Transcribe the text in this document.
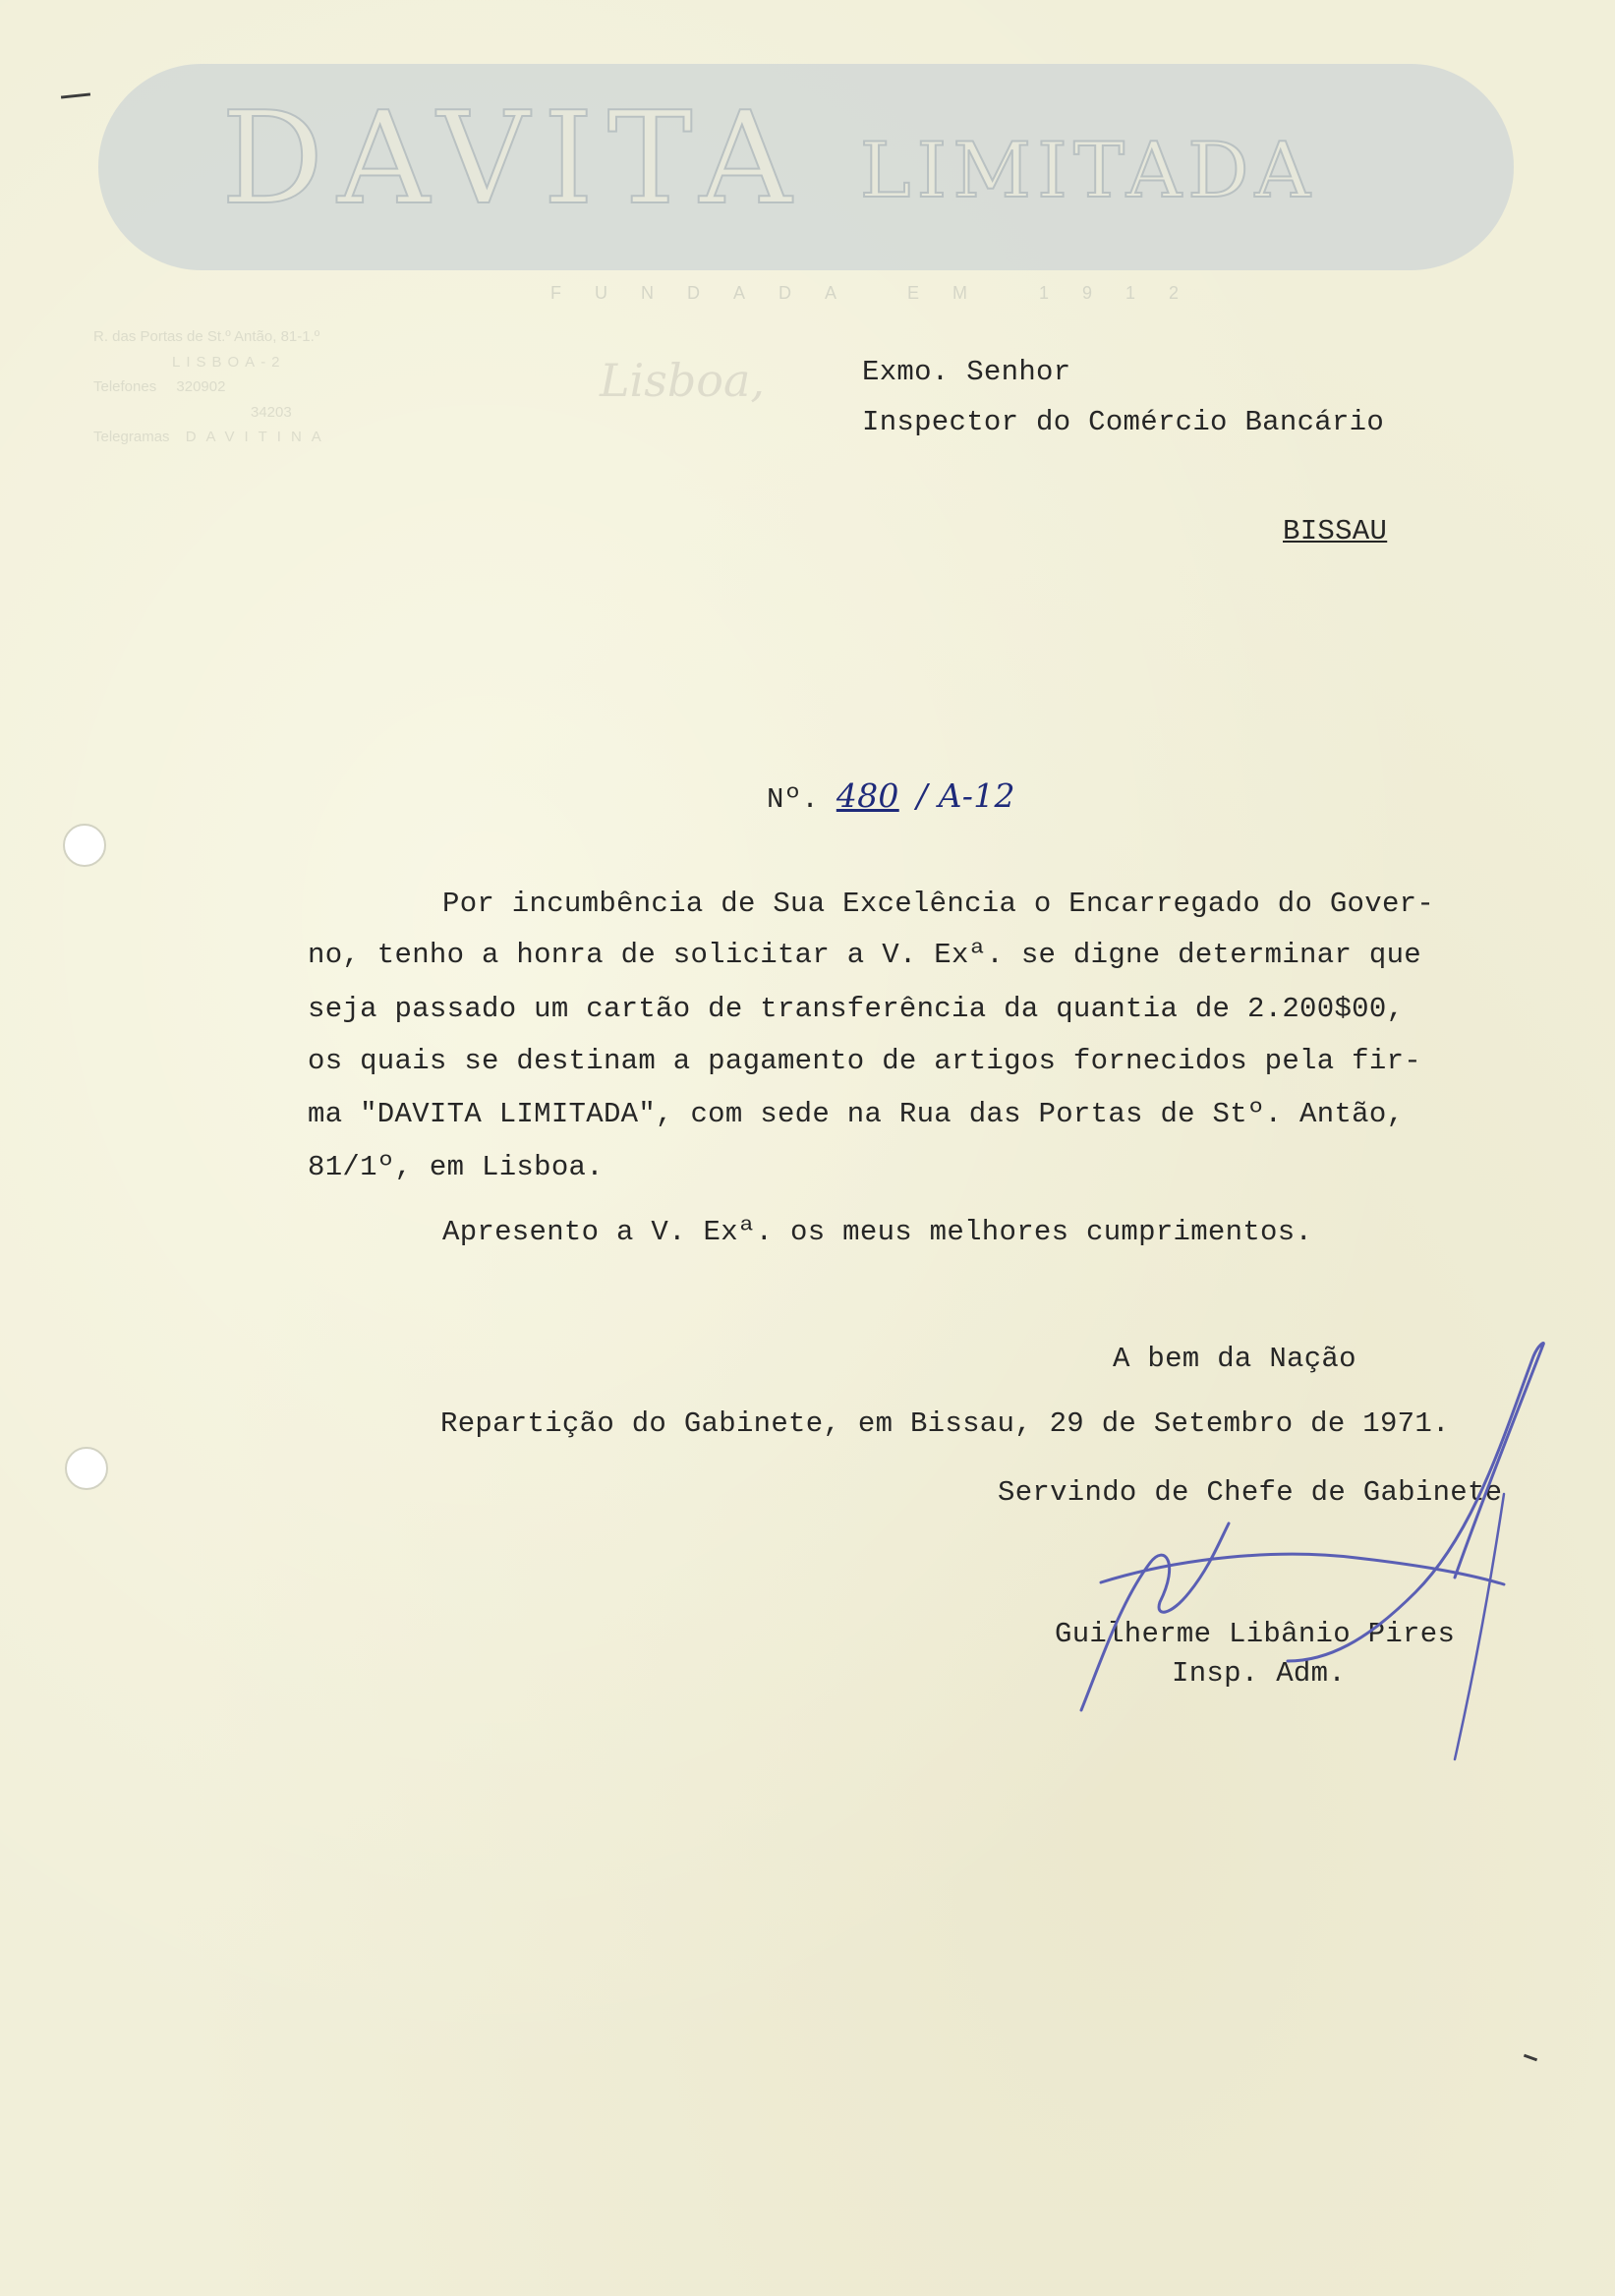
DAVITA LIMITADA
FUNDADA EM 1912
R. das Portas de St.º Antão, 81-1.º
LISBOA-2
Telefones 320902
34203
Telegramas DAVITINA
Lisboa,	Exmo. Senhor
Inspector do Comércio Bancário
BISSAU
Nº. 480 / A-12
Por incumbência de Sua Excelência o Encarregado do Gover-
no, tenho a honra de solicitar a V. Exª. se digne determinar que
seja passado um cartão de transferência da quantia de 2.200$00,
os quais se destinam a pagamento de artigos fornecidos pela fir-
ma "DAVITA LIMITADA", com sede na Rua das Portas de Stº. Antão,
81/1º, em Lisboa.
Apresento a V. Exª. os meus melhores cumprimentos.
A bem da Nação
Repartição do Gabinete, em Bissau, 29 de Setembro de 1971.
Servindo de Chefe de Gabinete
Guilherme Libânio Pires
Insp. Adm.
